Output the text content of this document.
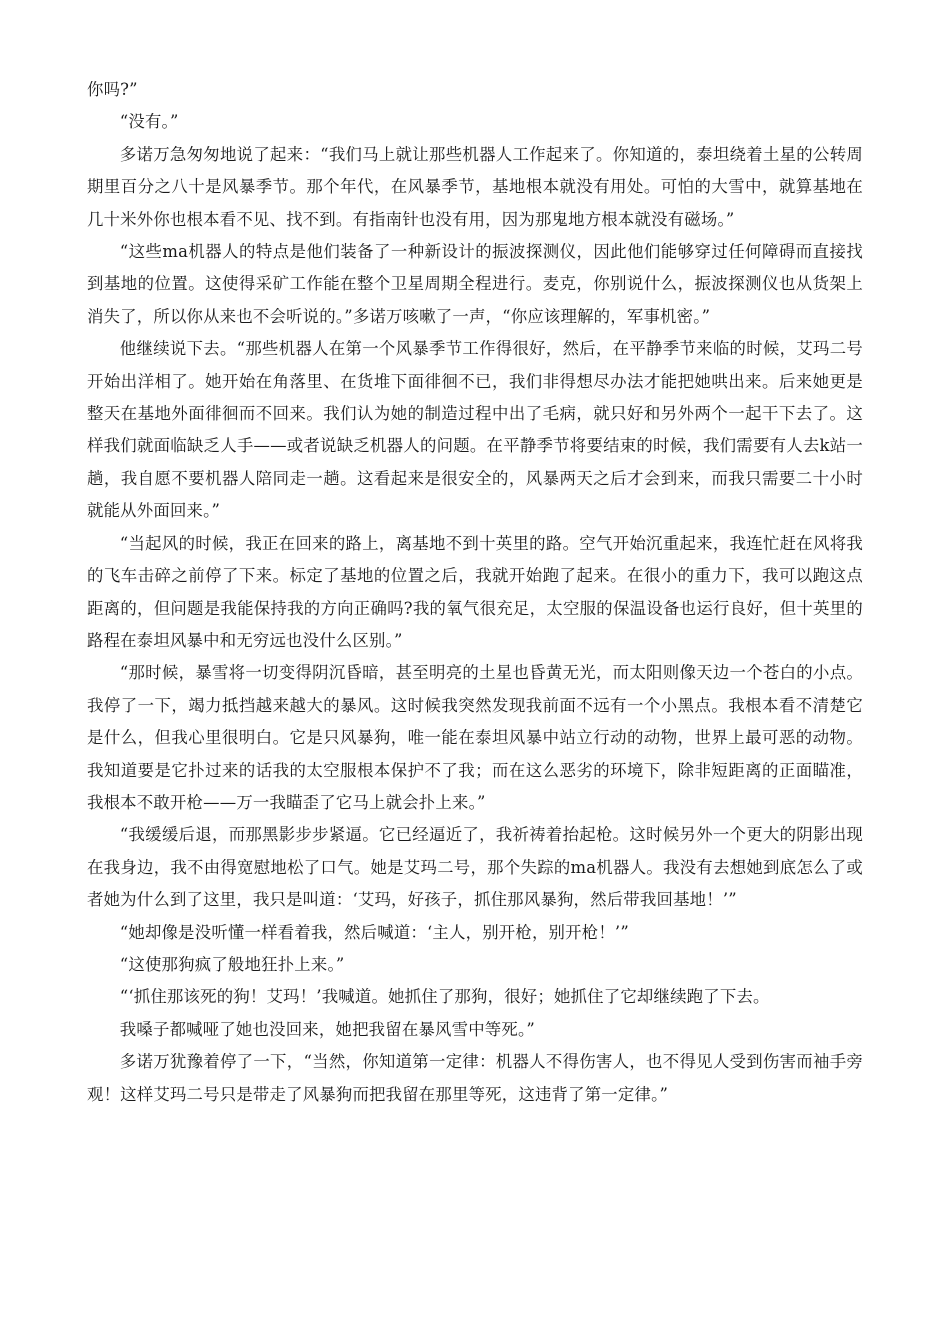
你吗?”

“没有。”

多诺万急匆匆地说了起来：“我们马上就让那些机器人工作起来了。你知道的，泰坦绕着土星的公转周期里百分之八十是风暴季节。那个年代，在风暴季节，基地根本就没有用处。可怕的大雪中，就算基地在几十米外你也根本看不见、找不到。有指南针也没有用，因为那鬼地方根本就没有磁场。”

“这些ma机器人的特点是他们装备了一种新设计的振波探测仪，因此他们能够穿过任何障碍而直接找到基地的位置。这使得采矿工作能在整个卫星周期全程进行。麦克，你别说什么，振波探测仪也从货架上消失了，所以你从来也不会听说的。”多诺万咳嗽了一声，“你应该理解的，军事机密。”

他继续说下去。“那些机器人在第一个风暴季节工作得很好，然后，在平静季节来临的时候，艾玛二号开始出洋相了。她开始在角落里、在货堆下面徘徊不已，我们非得想尽办法才能把她哄出来。后来她更是整天在基地外面徘徊而不回来。我们认为她的制造过程中出了毛病，就只好和另外两个一起干下去了。这样我们就面临缺乏人手——或者说缺乏机器人的问题。在平静季节将要结束的时候，我们需要有人去k站一趟，我自愿不要机器人陪同走一趟。这看起来是很安全的，风暴两天之后才会到来，而我只需要二十小时就能从外面回来。”

“当起风的时候，我正在回来的路上，离基地不到十英里的路。空气开始沉重起来，我连忙赶在风将我的飞车击碎之前停了下来。标定了基地的位置之后，我就开始跑了起来。在很小的重力下，我可以跑这点距离的，但问题是我能保持我的方向正确吗?我的氧气很充足，太空服的保温设备也运行良好，但十英里的路程在泰坦风暴中和无穷远也没什么区别。”

“那时候，暴雪将一切变得阴沉昏暗，甚至明亮的土星也昏黄无光，而太阳则像天边一个苍白的小点。我停了一下，竭力抵挡越来越大的暴风。这时候我突然发现我前面不远有一个小黑点。我根本看不清楚它是什么，但我心里很明白。它是只风暴狗，唯一能在泰坦风暴中站立行动的动物，世界上最可恶的动物。我知道要是它扑过来的话我的太空服根本保护不了我；而在这么恶劣的环境下，除非短距离的正面瞄准，我根本不敢开枪——万一我瞄歪了它马上就会扑上来。”

“我缓缓后退，而那黑影步步紧逼。它已经逼近了，我祈祷着抬起枪。这时候另外一个更大的阴影出现在我身边，我不由得宽慰地松了口气。她是艾玛二号，那个失踪的ma机器人。我没有去想她到底怎么了或者她为什么到了这里，我只是叫道：‘艾玛，好孩子，抓住那风暴狗，然后带我回基地！’”

“她却像是没听懂一样看着我，然后喊道：‘主人，别开枪，别开枪！’”

“这使那狗疯了般地狂扑上来。”

“‘抓住那该死的狗！艾玛！’我喊道。她抓住了那狗，很好；她抓住了它却继续跑了下去。

我嗓子都喊哑了她也没回来，她把我留在暴风雪中等死。”

多诺万犹豫着停了一下，“当然，你知道第一定律：机器人不得伤害人，也不得见人受到伤害而袖手旁观！这样艾玛二号只是带走了风暴狗而把我留在那里等死，这违背了第一定律。”
